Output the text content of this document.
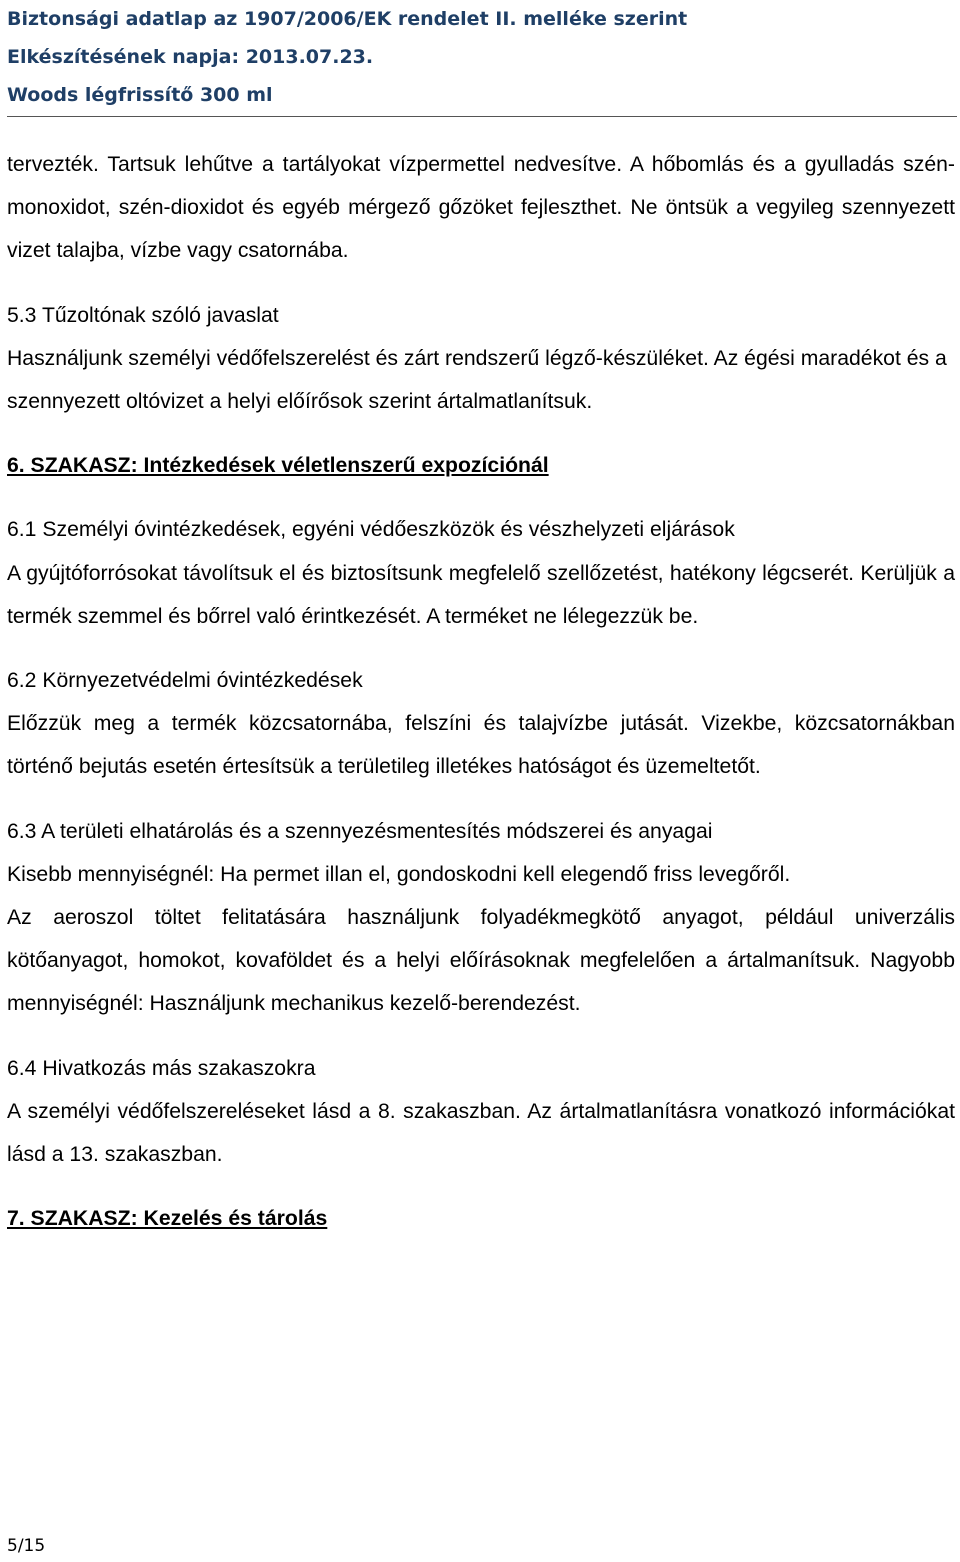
Biztonsági adatlap az 1907/2006/EK rendelet II. melléke szerint
Elkészítésének napja: 2013.07.23.
Woods légfrissítő 300 ml

tervezték. Tartsuk lehűtve a tartályokat vízpermettel nedvesítve. A hőbomlás és a gyulladás szén-monoxidot, szén-dioxidot és egyéb mérgező gőzöket fejleszthet. Ne öntsük a vegyileg szennyezett vizet talajba, vízbe vagy csatornába.

5.3 Tűzoltónak szóló javaslat

Használjunk személyi védőfelszerelést és zárt rendszerű légző-készüléket. Az égési maradékot és a szennyezett oltóvizet a helyi előírősok szerint ártalmatlanítsuk.

6. SZAKASZ: Intézkedések véletlenszerű expozíciónál

6.1 Személyi óvintézkedések, egyéni védőeszközök és vészhelyzeti eljárások

A gyújtóforrósokat távolítsuk el és biztosítsunk megfelelő szellőzetést, hatékony légcserét. Kerüljük a termék szemmel és bőrrel való érintkezését. A terméket ne lélegezzük be.

6.2 Környezetvédelmi óvintézkedések

Előzzük meg a termék közcsatornába, felszíni és talajvízbe jutását. Vizekbe, közcsatornákban történő bejutás esetén értesítsük a területileg illetékes hatóságot és üzemeltetőt.

6.3 A területi elhatárolás és a szennyezésmentesítés módszerei és anyagai

Kisebb mennyiségnél: Ha permet illan el, gondoskodni kell elegendő friss levegőről.

Az aeroszol töltet felitatására használjunk folyadékmegkötő anyagot, például univerzális kötőanyagot, homokot, kovaföldet és a helyi előírásoknak megfelelően a ártalmanítsuk. Nagyobb mennyiségnél: Használjunk mechanikus kezelő-berendezést.

6.4 Hivatkozás más szakaszokra

A személyi védőfelszereléseket lásd a 8. szakaszban. Az ártalmatlanításra vonatkozó információkat lásd a 13. szakaszban.

7. SZAKASZ: Kezelés és tárolás

5/15
